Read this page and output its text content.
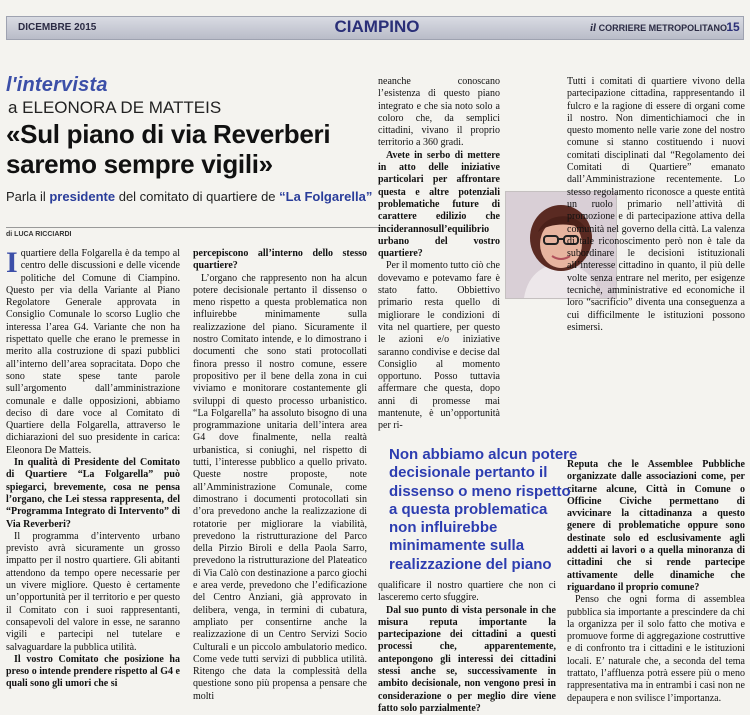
DICEMBRE 2015	CIAMPINO	il CORRIERE METROPOLITANO 15
l'intervista
a ELEONORA DE MATTEIS
«Sul piano di via Reverberi saremo sempre vigili»
Parla il presidente del comitato di quartiere de “La Folgarella”
di LUCA RICCIARDI
I quartiere della Folgarella è da tempo al centro delle discussioni e delle vicende politiche del Comune di Ciampino. Questo per via della Variante al Piano Regolatore Generale approvata in Consiglio Comunale lo scorso Luglio che interessa l’area G4. Variante che non ha rispettato quelle che erano le premesse in merito alla costruzione di spazi pubblici all’interno dell’area sopracitata. Dopo che sono state spese tante parole sull’argomento dall’amministrazione comunale e dalle opposizioni, abbiamo deciso di dare voce al Comitato di Quartiere della Folgarella, attraverso le dichiarazioni del suo presidente in carica: Eleonora De Matteis.

In qualità di Presidente del Comitato di Quartiere “La Folgarella” può spiegarci, brevemente, cosa ne pensa l’organo, che Lei stessa rappresenta, del “Programma Integrato di Intervento” di Via Reverberi?

Il programma d’intervento urbano previsto avrà sicuramente un grosso impatto per il nostro quartiere. Gli abitanti attendono da tempo opere necessarie per un vivere migliore. Questo è certamente un’opportunità per il territorio e per questo il Comitato con i suoi rappresentanti, consapevoli del valore in esse, ne saranno vigili e partecipi nel tutelare e salvaguardare la pubblica utilità.

Il vostro Comitato che posizione ha preso o intende prendere rispetto al G4 e quali sono gli umori che si

percepiscono all’interno dello stesso quartiere?

L’organo che rappresento non ha alcun potere decisionale pertanto il dissenso o meno rispetto a questa problematica non influirebbe minimamente sulla realizzazione del piano. Sicuramente il nostro Comitato intende, e lo dimostrano i documenti che sono stati protocollati finora presso il nostro comune, essere propositivo per il bene della zona in cui viviamo e monitorare costantemente gli sviluppi di questo processo urbanistico. “La Folgarella” ha assoluto bisogno di una programmazione unitaria dell’intera area G4 dove finalmente, nella realtà urbanistica, si coniughi, nel rispetto di tutti, l’interesse pubblico a quello privato. Queste nostre proposte, note all’Amministrazione Comunale, come dimostrano i documenti protocollati sin d’ora prevedono anche la realizzazione di rotatorie per migliorare la viabilità, prevedono la ristrutturazione del Parco della Pirzio Biroli e della Paola Sarro, prevedono la ristrutturazione del Plateatico di Via Calò con destinazione a parco giochi e area verde, prevedono che l’edificazione del Centro Anziani, già approvato in delibera, venga, in termini di cubatura, ampliato per consentirne anche la realizzazione di un Centro Servizi Socio Culturali e un piccolo ambulatorio medico. Come vede tutti servizi di pubblica utilità. Ritengo che data la complessità della questione sono più propensa a pensare che molti

neanche conoscano l’esistenza di questo piano integrato e che sia noto solo a coloro che, da semplici cittadini, vivano il proprio territorio a 360 gradi.

Avete in serbo di mettere in atto delle iniziative particolari per affrontare questa e altre potenziali problematiche future di carattere edilizio che inciderannosull’equilibrio urbano del vostro quartiere?

Per il momento tutto ciò che dovevamo e potevamo fare è stato fatto. Obbiettivo primario resta quello di migliorare le condizioni di vita nel quartiere, per questo le azioni e/o iniziative saranno condivise e decise dal Consiglio al momento opportuno. Posso tuttavia affermare che questa, dopo anni di promesse mai mantenute, è un’opportunità per ri-

Tutti i comitati di quartiere vivono della partecipazione cittadina, rappresentando il fulcro e la ragione di essere di organi come il nostro. Non dimentichiamoci che in questo momento nelle varie zone del nostro comune si stanno costituendo i nuovi comitati disciplinati dal “Regolamento dei Comitati di Quartiere” emanato dall’Amministrazione recentemente. Lo stesso regolamento riconosce a queste entità un ruolo primario nell’attività di promozione e di partecipazione attiva della comunità nel governo della città. La valenza di tale riconoscimento però non è tale da subordinare le decisioni istituzionali all’interesse cittadino in quanto, il più delle volte senza entrare nel merito, per esigenze tecniche, amministrative ed economiche il loro “sacrificio” diventa una conseguenza a cui difficilmente le istituzioni possono esimersi.

Reputa che le Assemblee Pubbliche organizzate dalle associazioni come, per citarne alcune, Città in Comune o Officine Civiche permettano di avvicinare la cittadinanza a questo genere di problematiche oppure sono destinate solo ed esclusivamente agli addetti ai lavori o a quella minoranza di cittadini che si rende partecipe attivamente delle dinamiche che riguardano il proprio comune?

Penso che ogni forma di assemblea pubblica sia importante a prescindere da chi la organizza per il solo fatto che motiva e promuove forme di aggregazione costruttive e di confronto tra i cittadini e le istituzioni locali. E’ naturale che, a seconda del tema trattato, l’affluenza potrà essere più o meno rappresentativa ma in entrambi i casi non ne depaupera e non svilisce l’importanza.

Non abbiamo alcun potere decisionale pertanto il dissenso o meno rispetto a questa problematica non influirebbe minimamente sulla realizzazione del piano

qualificare il nostro quartiere che non ci lasceremo certo sfuggire.

Dal suo punto di vista personale in che misura reputa importante la partecipazione dei cittadini a questi processi che, apparentemente, antepongono gli interessi dei cittadini stessi anche se, successivamente in ambito decisionale, non vengono presi in considerazione o per meglio dire viene fatto solo parzialmente?
